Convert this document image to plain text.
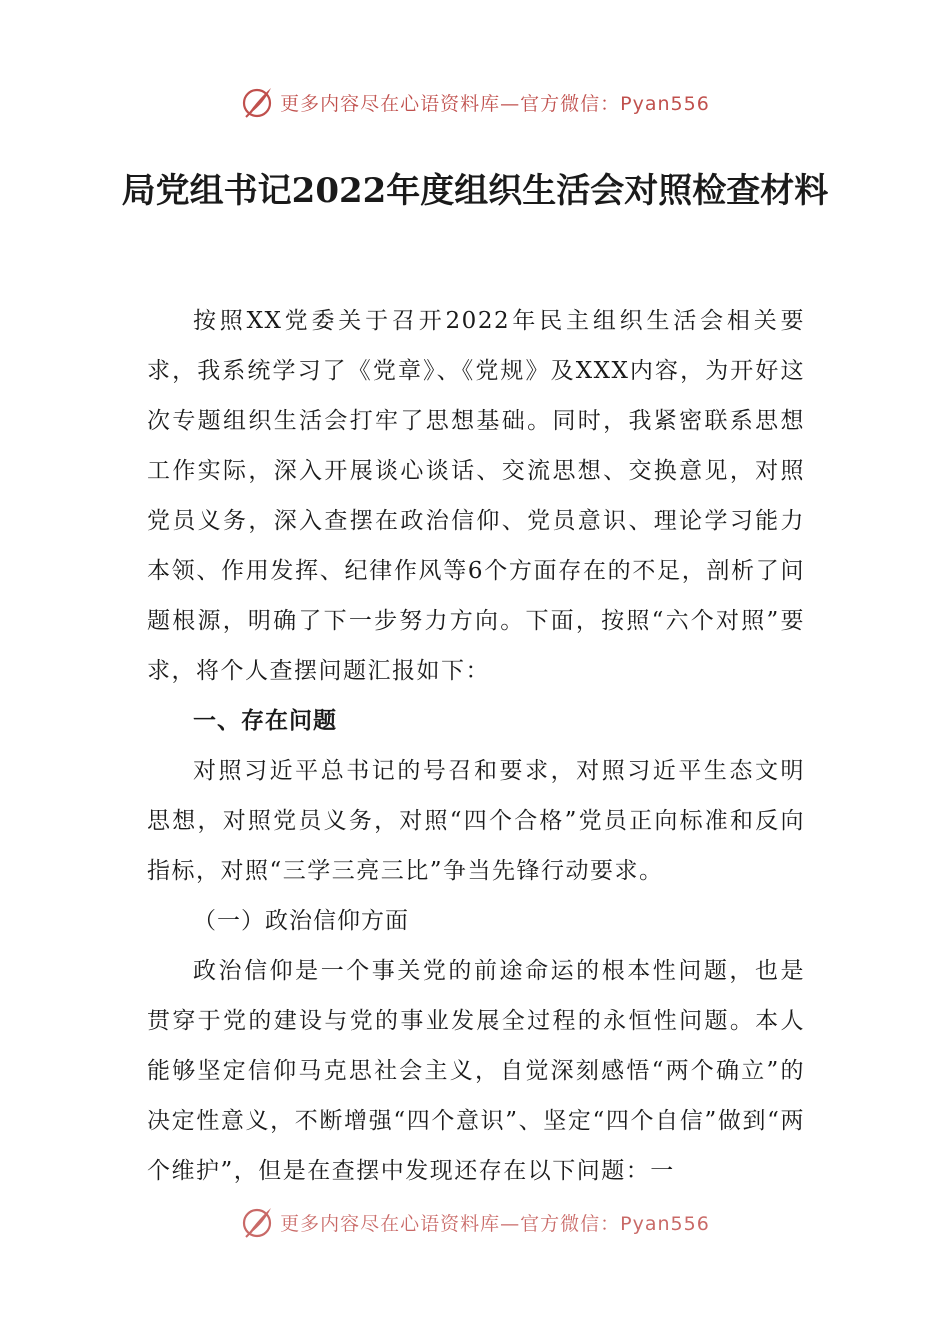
更多内容尽在心语资料库—官方微信：Pyan556
局党组书记2022年度组织生活会对照检查材料

按照XX党委关于召开2022年民主组织生活会相关要求，我系统学习了《党章》、《党规》及XXX内容，为开好这次专题组织生活会打牢了思想基础。同时，我紧密联系思想工作实际，深入开展谈心谈话、交流思想、交换意见，对照党员义务，深入查摆在政治信仰、党员意识、理论学习能力本领、作用发挥、纪律作风等6个方面存在的不足，剖析了问题根源，明确了下一步努力方向。下面，按照“六个对照”要求，将个人查摆问题汇报如下：

一、存在问题

对照习近平总书记的号召和要求，对照习近平生态文明思想，对照党员义务，对照“四个合格”党员正向标准和反向指标，对照“三学三亮三比”争当先锋行动要求。

（一）政治信仰方面

政治信仰是一个事关党的前途命运的根本性问题，也是贯穿于党的建设与党的事业发展全过程的永恒性问题。本人能够坚定信仰马克思社会主义，自觉深刻感悟“两个确立”的决定性意义，不断增强“四个意识”、坚定“四个自信”做到“两个维护”，但是在查摆中发现还存在以下问题：一

更多内容尽在心语资料库—官方微信：Pyan556
